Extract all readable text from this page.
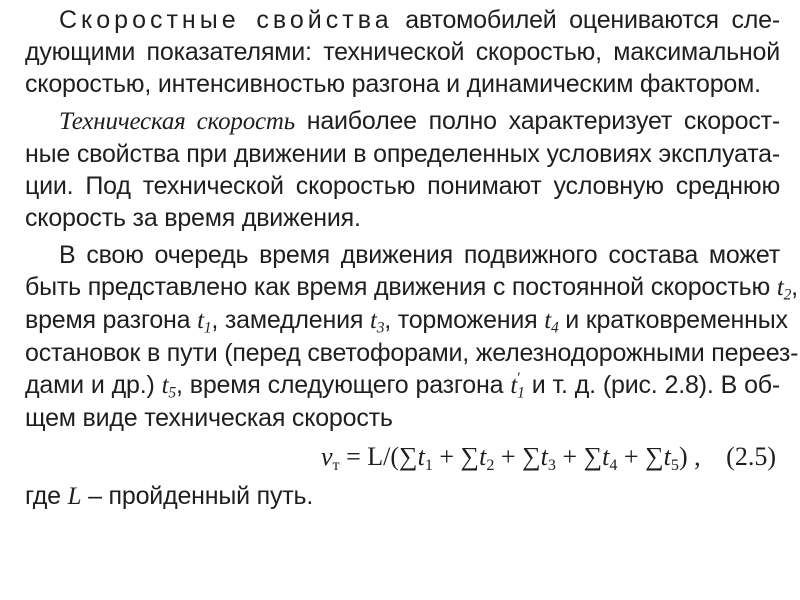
Скоростные свойства автомобилей оцениваются сле-
дующими показателями: технической скоростью, максимальной
скоростью, интенсивностью разгона и динамическим фактором.

Техническая скорость наиболее полно характеризует скорост-
ные свойства при движении в определенных условиях эксплуата-
ции. Под технической скоростью понимают условную среднюю
скорость за время движения.

В свою очередь время движения подвижного состава может
быть представлено как время движения с постоянной скоростью $t_2$,
время разгона $t_1$, замедления $t_3$, торможения $t_4$ и кратковременных
остановок в пути (перед светофорами, железнодорожными переез-
дами и др.) $t_5$, время следующего разгона t ′
$_1$ и т. д. (рис. 2.8). В об-
щем виде техническая скорость

$v_т = L/(\sum t_1 + \sum t_2 + \sum t_3 + \sum t_4 + \sum t_5)$ , (2.5)

где L – пройденный путь.
